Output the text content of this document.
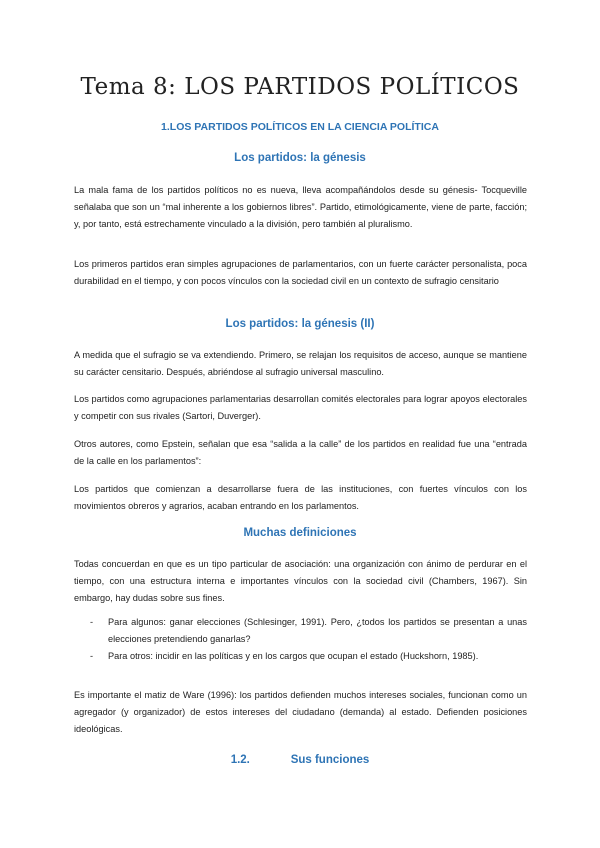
Tema 8: LOS PARTIDOS POLÍTICOS
1.LOS PARTIDOS POLÍTICOS EN LA CIENCIA POLÍTICA
Los partidos: la génesis

La mala fama de los partidos políticos no es nueva, lleva acompañándolos desde su génesis- Tocqueville señalaba que son un “mal inherente a los gobiernos libres”. Partido, etimológicamente, viene de parte, facción; y, por tanto, está estrechamente vinculado a la división, pero también al pluralismo.

Los primeros partidos eran simples agrupaciones de parlamentarios, con un fuerte carácter personalista, poca durabilidad en el tiempo, y con pocos vínculos con la sociedad civil en un contexto de sufragio censitario

Los partidos: la génesis (II)

A medida que el sufragio se va extendiendo. Primero, se relajan los requisitos de acceso, aunque se mantiene su carácter censitario. Después, abriéndose al sufragio universal masculino.

Los partidos como agrupaciones parlamentarias desarrollan comités electorales para lograr apoyos electorales y competir con sus rivales (Sartori, Duverger).

Otros autores, como Epstein, señalan que esa “salida a la calle” de los partidos en realidad fue una “entrada de la calle en los parlamentos”:

Los partidos que comienzan a desarrollarse fuera de las instituciones, con fuertes vínculos con los movimientos obreros y agrarios, acaban entrando en los parlamentos.

Muchas definiciones

Todas concuerdan en que es un tipo particular de asociación: una organización con ánimo de perdurar en el tiempo, con una estructura interna e importantes vínculos con la sociedad civil (Chambers, 1967). Sin embargo, hay dudas sobre sus fines.

- Para algunos: ganar elecciones (Schlesinger, 1991). Pero, ¿todos los partidos se presentan a unas elecciones pretendiendo ganarlas?
- Para otros: incidir en las políticas y en los cargos que ocupan el estado (Huckshorn, 1985).

Es importante el matiz de Ware (1996): los partidos defienden muchos intereses sociales, funcionan como un agregador (y organizador) de estos intereses del ciudadano (demanda) al estado. Defienden posiciones ideológicas.

1.2.	Sus funciones
